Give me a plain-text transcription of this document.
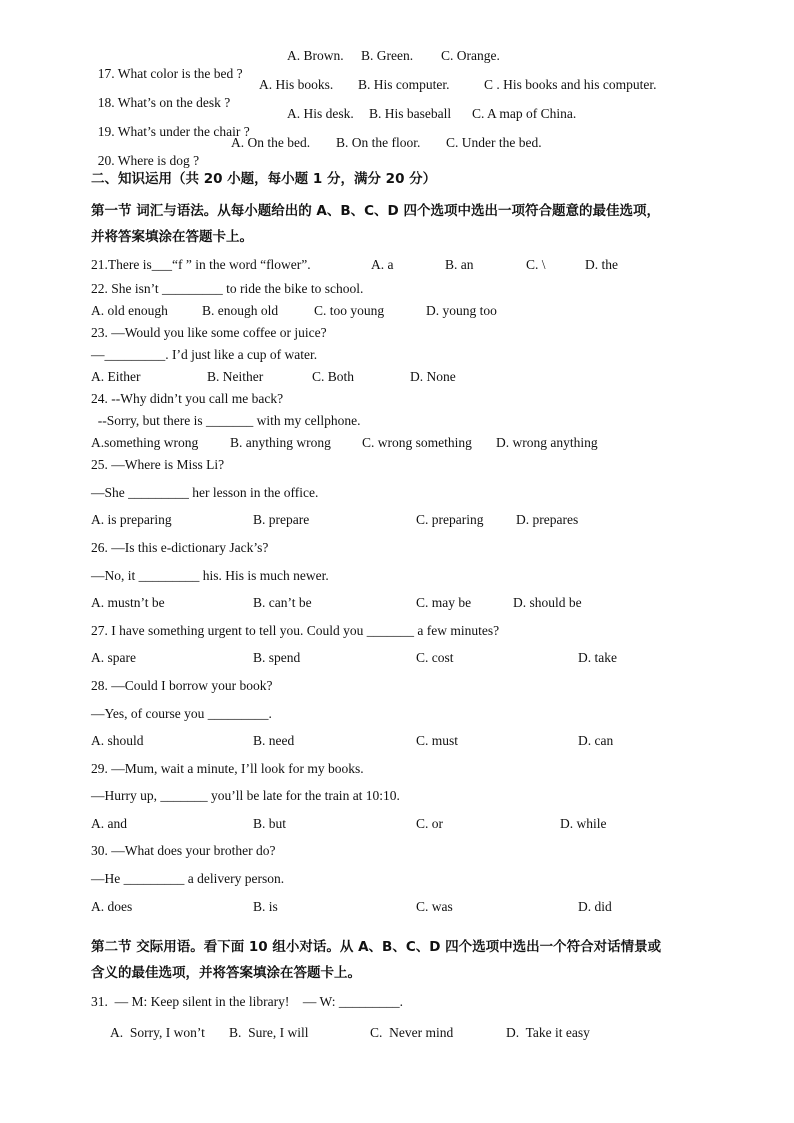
17. What color is the bed ?

A. Brown. B. Green. C. Orange.

18. What’s on the desk ?

A. His books. B. His computer.	C . His books and his computer.

19. What’s under the chair ?

A. His desk. B. His baseball C. A map of China.

20. Where is dog ?

A. On the bed. B. On the floor. C. Under the bed.
二、知识运用（共 20 小题，每小题 1 分，满分 20 分）
第一节 词汇与语法。从每小题给出的 A、B、C、D 四个选项中选出一项符合题意的最佳选项，
并将答案填涂在答题卡上。
21.There is___“f ” in the word “flower”.	A. a	B. an	C. \	D. the
22. She isn’t _________ to ride the bike to school.
A. old enough	B. enough old	C. too young	D. young too
23. —Would you like some coffee or juice?
—_________. I’d just like a cup of water.
A. Either	B. Neither	C. Both	D. None
24. --Why didn’t you call me back?
--Sorry, but there is _______ with my cellphone.
A.something wrong B. anything wrong C. wrong something D. wrong anything
25. —Where is Miss Li?
—She _________ her lesson in the office.
A. is preparing	B. prepare	C. preparing D. prepares
26. —Is this e-dictionary Jack’s?
—No, it _________ his. His is much newer.
A. mustn’t be	B. can’t be	C. may be	D. should be
27. I have something urgent to tell you. Could you _______ a few minutes?
A. spare	B. spend	C. cost	D. take
28. —Could I borrow your book?
—Yes, of course you _________.
A. should	B. need	C. must	D. can
29. —Mum, wait a minute, I’ll look for my books.
—Hurry up, _______ you’ll be late for the train at 10:10.
A. and	B. but	C. or	D. while
30. —What does your brother do?
—He _________ a delivery person.
A. does	B. is	C. was	D. did
第二节 交际用语。看下面 10 组小对话。从 A、B、C、D 四个选项中选出一个符合对话情景或
含义的最佳选项，并将答案填涂在答题卡上。
31.  — M: Keep silent in the library!    — W: _________.
A.  Sorry, I won’t B.  Sure, I will	C.  Never mind	D.  Take it easy
